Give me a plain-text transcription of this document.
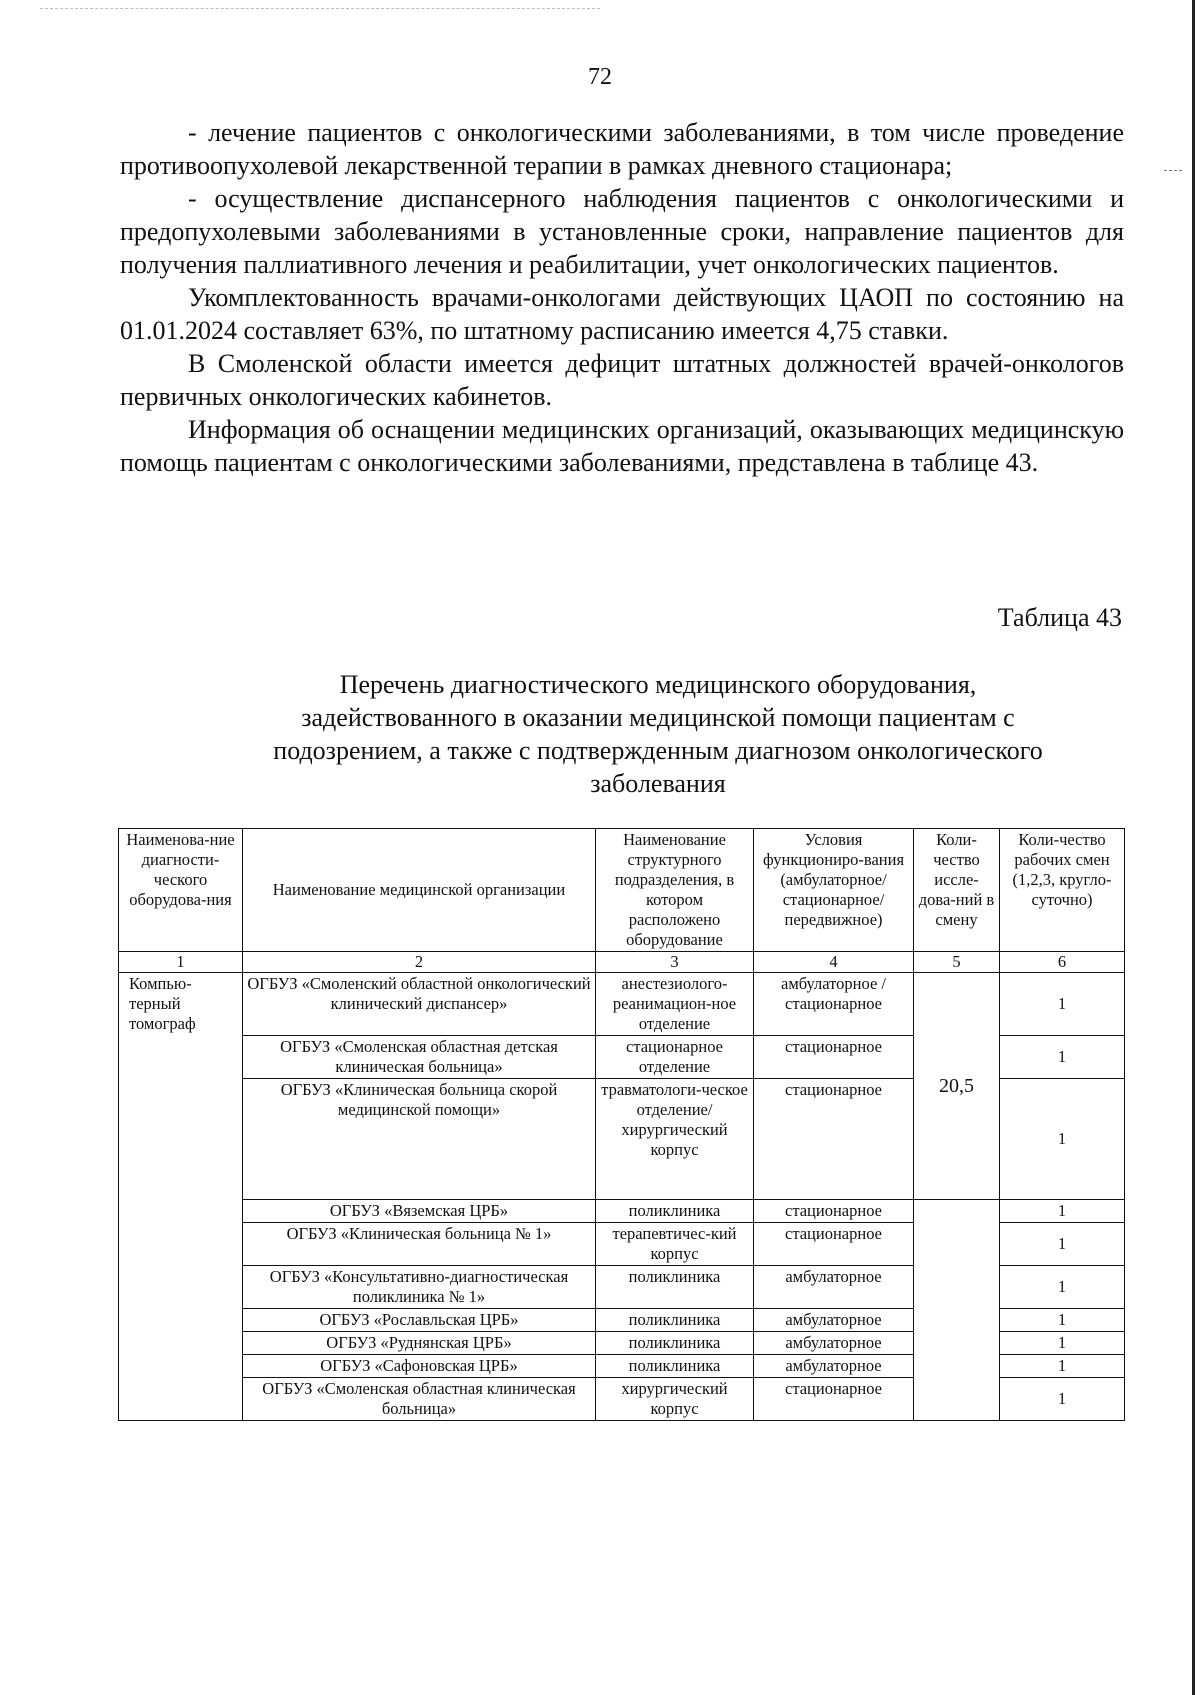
72

- лечение пациентов с онкологическими заболеваниями, в том числе проведение противоопухолевой лекарственной терапии в рамках дневного стационара;

- осуществление диспансерного наблюдения пациентов с онкологическими и предопухолевыми заболеваниями в установленные сроки, направление пациентов для получения паллиативного лечения и реабилитации, учет онкологических пациентов.

Укомплектованность врачами-онкологами действующих ЦАОП по состоянию на 01.01.2024 составляет 63%, по штатному расписанию имеется 4,75 ставки.

В Смоленской области имеется дефицит штатных должностей врачей-онкологов первичных онкологических кабинетов.

Информация об оснащении медицинских организаций, оказывающих медицинскую помощь пациентам с онкологическими заболеваниями, представлена в таблице 43.

Таблица 43
Перечень диагностического медицинского оборудования, задействованного в оказании медицинской помощи пациентам с подозрением, а также с подтвержденным диагнозом онкологического заболевания
Наименова-ние диагности-ческого оборудова-ния	Наименование медицинской организации	Наименование структурного подразделения, в котором расположено оборудование	Условия функциониро-вания (амбулаторное/ стационарное/ передвижное)	Коли-чество иссле-дова-ний в смену	Коли-чество рабочих смен (1,2,3, кругло-суточно)
1	2	3	4	5	6
Компью-терный томограф	ОГБУЗ «Смоленский областной онкологический клинический диспансер»	анестезиолого-реанимацион-ное отделение	амбулаторное / стационарное	20,5	1
	ОГБУЗ «Смоленская областная детская клиническая больница»	стационарное отделение	стационарное		1
	ОГБУЗ «Клиническая больница скорой медицинской помощи»	травматологи-ческое отделение/ хирургический корпус	стационарное		1
	ОГБУЗ «Вяземская ЦРБ»	поликлиника	стационарное		1
	ОГБУЗ «Клиническая больница № 1»	терапевтичес-кий корпус	стационарное		1
	ОГБУЗ «Консультативно-диагностическая поликлиника № 1»	поликлиника	амбулаторное		1
	ОГБУЗ «Рославльская ЦРБ»	поликлиника	амбулаторное		1
	ОГБУЗ «Руднянская ЦРБ»	поликлиника	амбулаторное		1
	ОГБУЗ «Сафоновская ЦРБ»	поликлиника	амбулаторное		1
	ОГБУЗ «Смоленская областная клиническая больница»	хирургический корпус	стационарное		1
